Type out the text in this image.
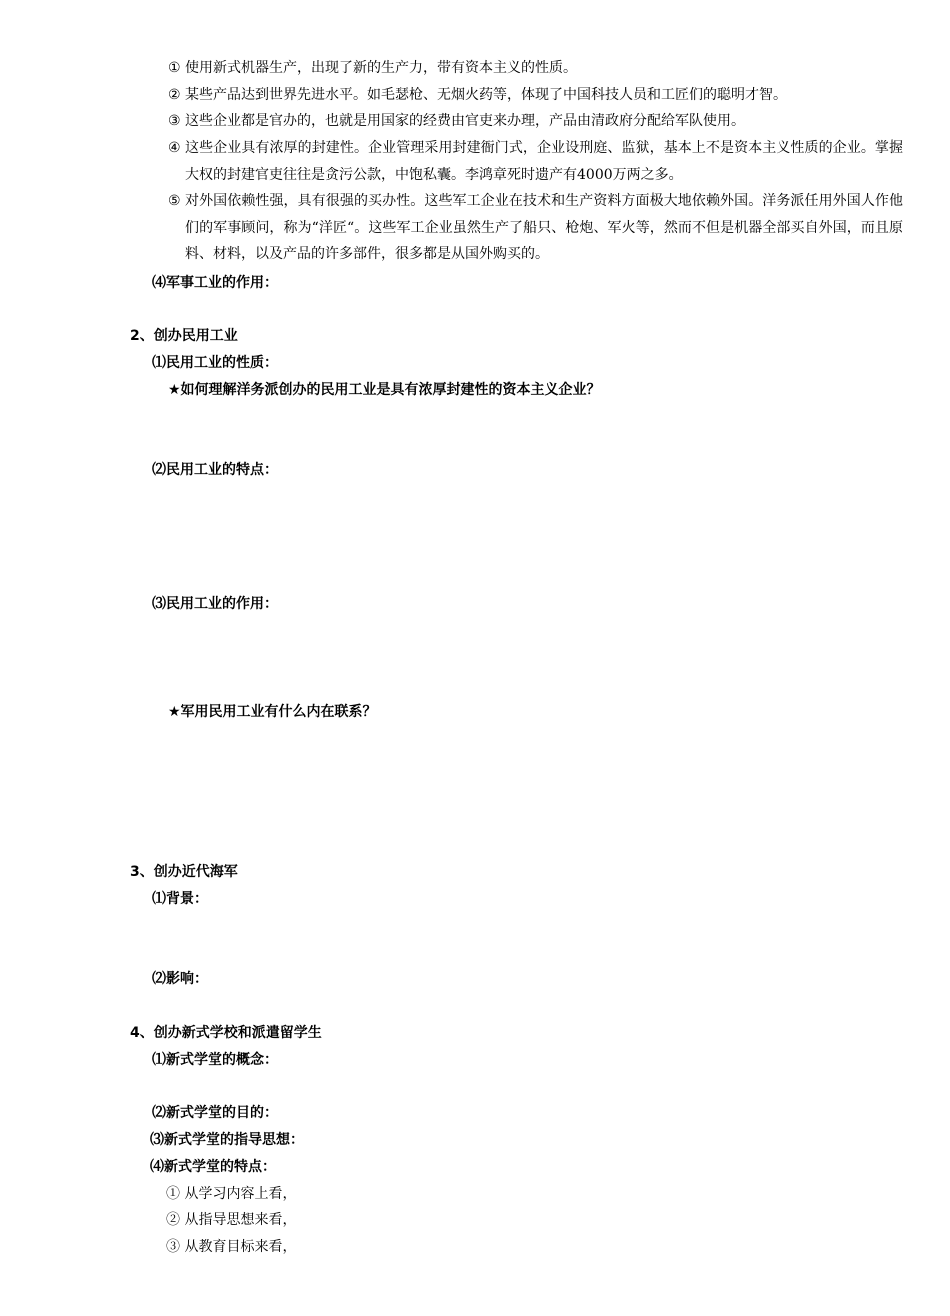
① 使用新式机器生产，出现了新的生产力，带有资本主义的性质。
② 某些产品达到世界先进水平。如毛瑟枪、无烟火药等，体现了中国科技人员和工匠们的聪明才智。
③ 这些企业都是官办的，也就是用国家的经费由官吏来办理，产品由清政府分配给军队使用。
④ 这些企业具有浓厚的封建性。企业管理采用封建衙门式，企业设刑庭、监狱，基本上不是资本主义性质的企业。掌握大权的封建官吏往往是贪污公款，中饱私囊。李鸿章死时遗产有4000万两之多。
⑤ 对外国依赖性强，具有很强的买办性。这些军工企业在技术和生产资料方面极大地依赖外国。洋务派任用外国人作他们的军事顾问，称为“洋匠“。这些军工企业虽然生产了船只、枪炮、军火等，然而不但是机器全部买自外国，而且原料、材料，以及产品的许多部件，很多都是从国外购买的。
⑷军事工业的作用：
2、创办民用工业
⑴民用工业的性质：
★如何理解洋务派创办的民用工业是具有浓厚封建性的资本主义企业？
⑵民用工业的特点：
⑶民用工业的作用：
★军用民用工业有什么内在联系？
3、创办近代海军
⑴背景：
⑵影响：
4、创办新式学校和派遣留学生
⑴新式学堂的概念：
⑵新式学堂的目的：
⑶新式学堂的指导思想：
⑷新式学堂的特点：
① 从学习内容上看，
② 从指导思想来看，
③ 从教育目标来看，
